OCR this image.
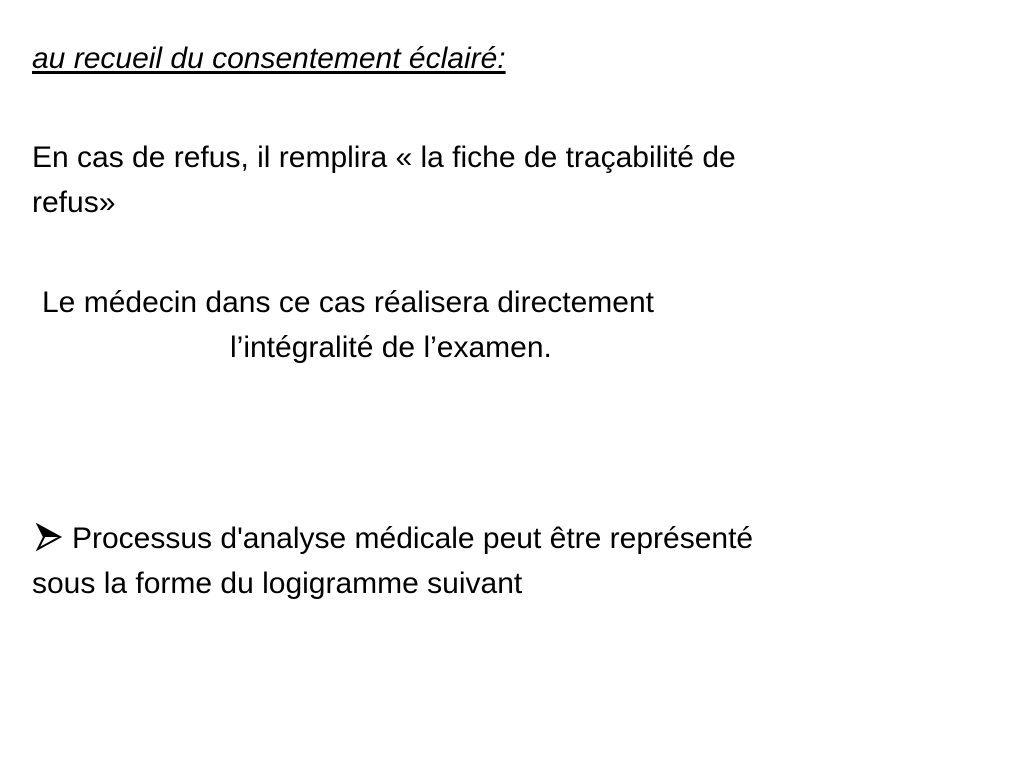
au recueil du consentement éclairé:
En cas de refus, il remplira « la fiche de traçabilité de
refus»
Le médecin dans ce cas réalisera directement
l’intégralité de l’examen.
Processus d'analyse médicale peut être représenté
sous la forme du logigramme suivant
